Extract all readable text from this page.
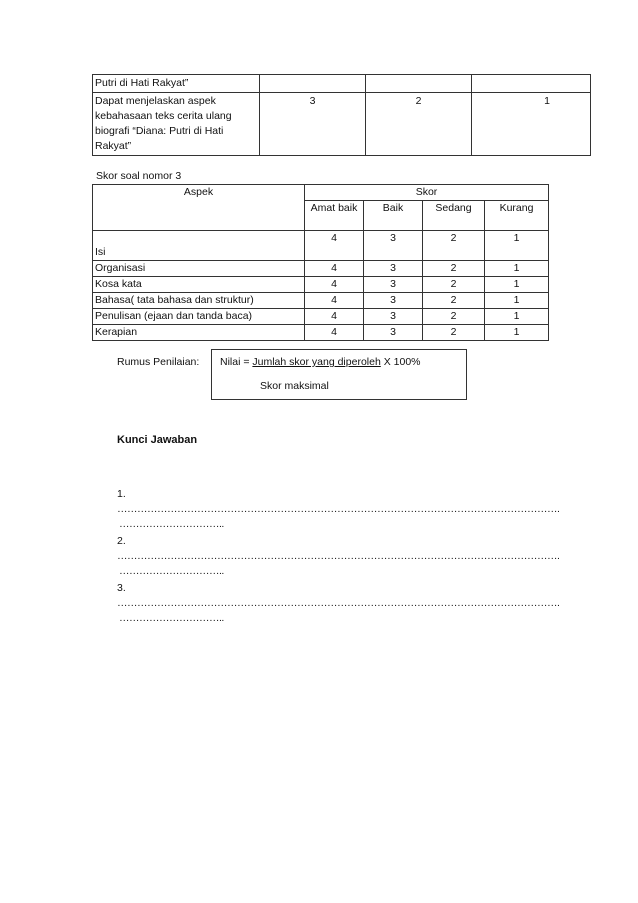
Putri di Hati Rakyat”			
Dapat menjelaskan aspek kebahasaan teks cerita ulang biografi “Diana: Putri di Hati Rakyat”	3	2	1
Skor soal nomor 3
Aspek	Skor			
	Amat baik	Baik	Sedang	Kurang
Isi	4	3	2	1
Organisasi	4	3	2	1
Kosa kata	4	3	2	1
Bahasa( tata bahasa dan struktur)	4	3	2	1
Penulisan (ejaan dan tanda baca)	4	3	2	1
Kerapian	4	3	2	1
Rumus Penilaian: Nilai = Jumlah skor yang diperoleh X 100%
Skor maksimal
Kunci Jawaban
1.…………………………………………………………………………………………………………………….
…………………………..
2.…………………………………………………………………………………………………………………….
…………………………..
3.…………………………………………………………………………………………………………………….
…………………………..
